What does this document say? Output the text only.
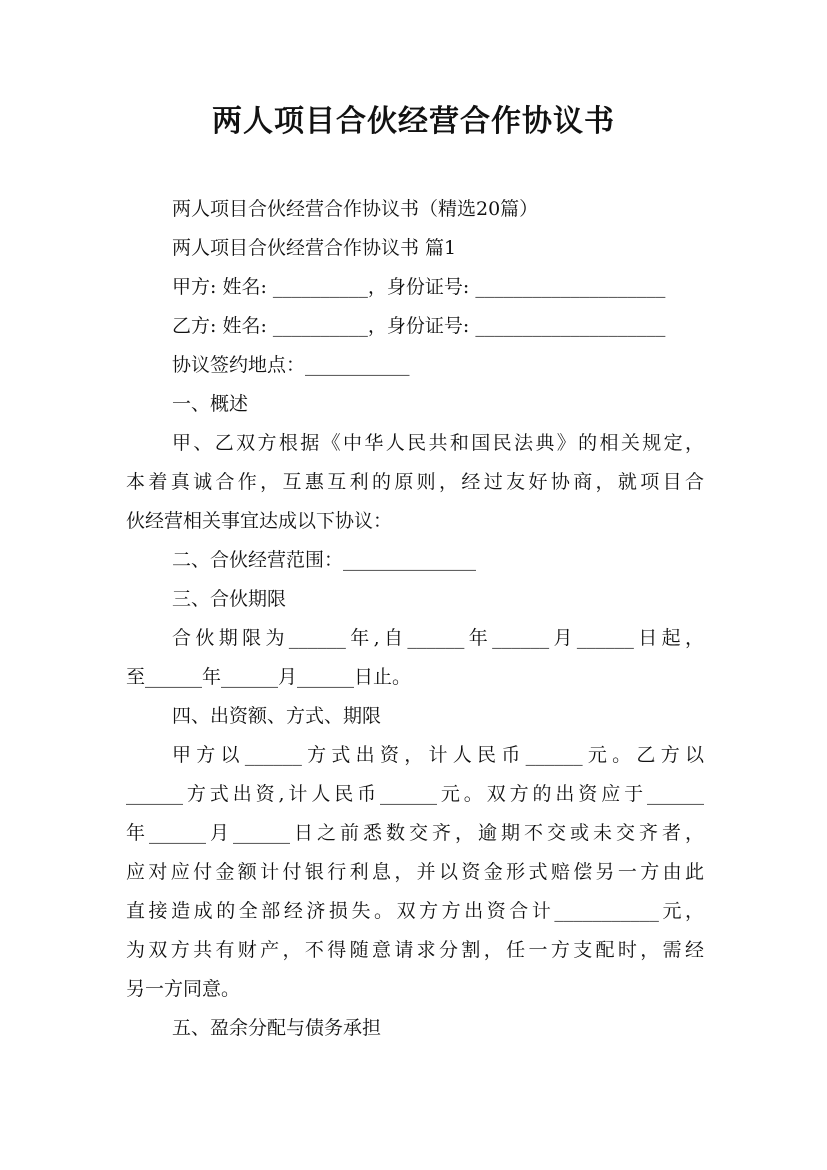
两人项目合伙经营合作协议书
两人项目合伙经营合作协议书（精选20篇）
两人项目合伙经营合作协议书 篇1
甲方: 姓名: __________，身份证号: ____________________
乙方: 姓名: __________，身份证号: ____________________
协议签约地点：___________
一、概述
甲、乙双方根据《中华人民共和国民法典》的相关规定，
本着真诚合作，互惠互利的原则，经过友好协商，就项目合
伙经营相关事宜达成以下协议：
二、合伙经营范围：______________
三、合伙期限
合伙期限为______年,自______年______月______日起，
至______年______月______日止。
四、出资额、方式、期限
甲方以______方式出资，计人民币______元。乙方以
______方式出资,计人民币______元。双方的出资应于______
年______月______日之前悉数交齐，逾期不交或未交齐者，
应对应付金额计付银行利息，并以资金形式赔偿另一方由此
直接造成的全部经济损失。双方方出资合计___________元，
为双方共有财产，不得随意请求分割，任一方支配时，需经
另一方同意。
五、盈余分配与债务承担
